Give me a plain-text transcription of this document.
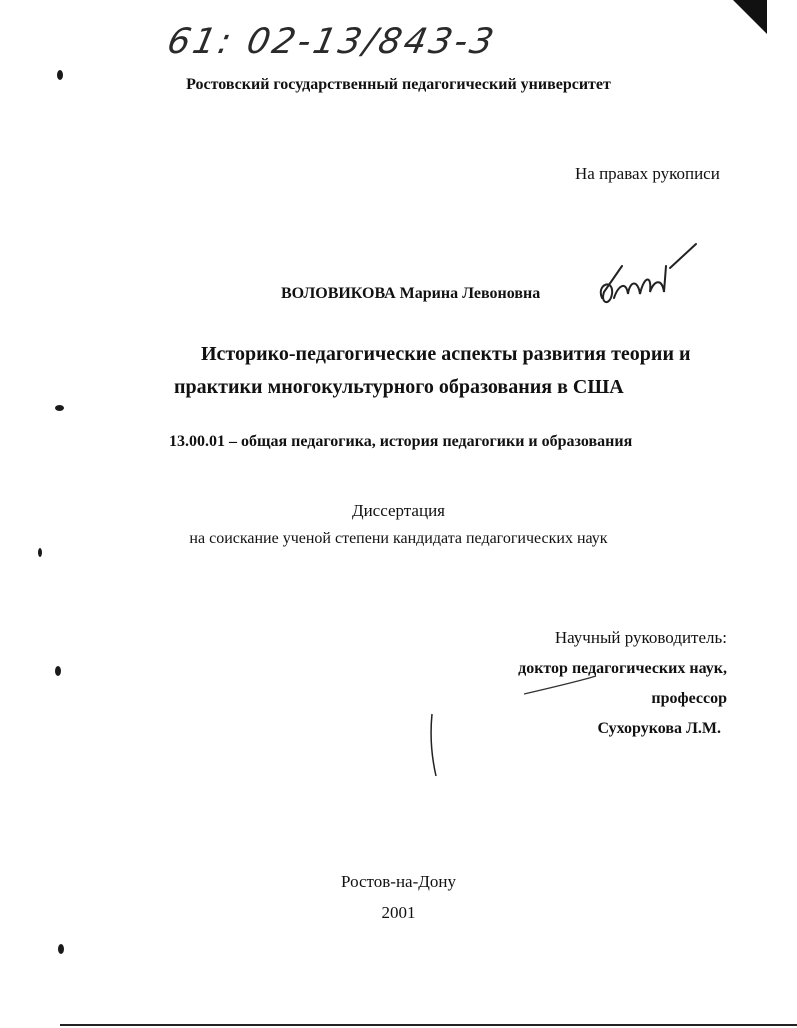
61: 02-13/843-3
Ростовский государственный педагогический университет
На правах рукописи
ВОЛОВИКОВА Марина Левоновна
Историко-педагогические аспекты развития теории и
практики многокультурного образования в США
13.00.01 – общая педагогика, история педагогики и образования
Диссертация
на соискание ученой степени кандидата педагогических наук
Научный руководитель:
доктор педагогических наук,
профессор
Сухорукова Л.М.
Ростов-на-Дону
2001
